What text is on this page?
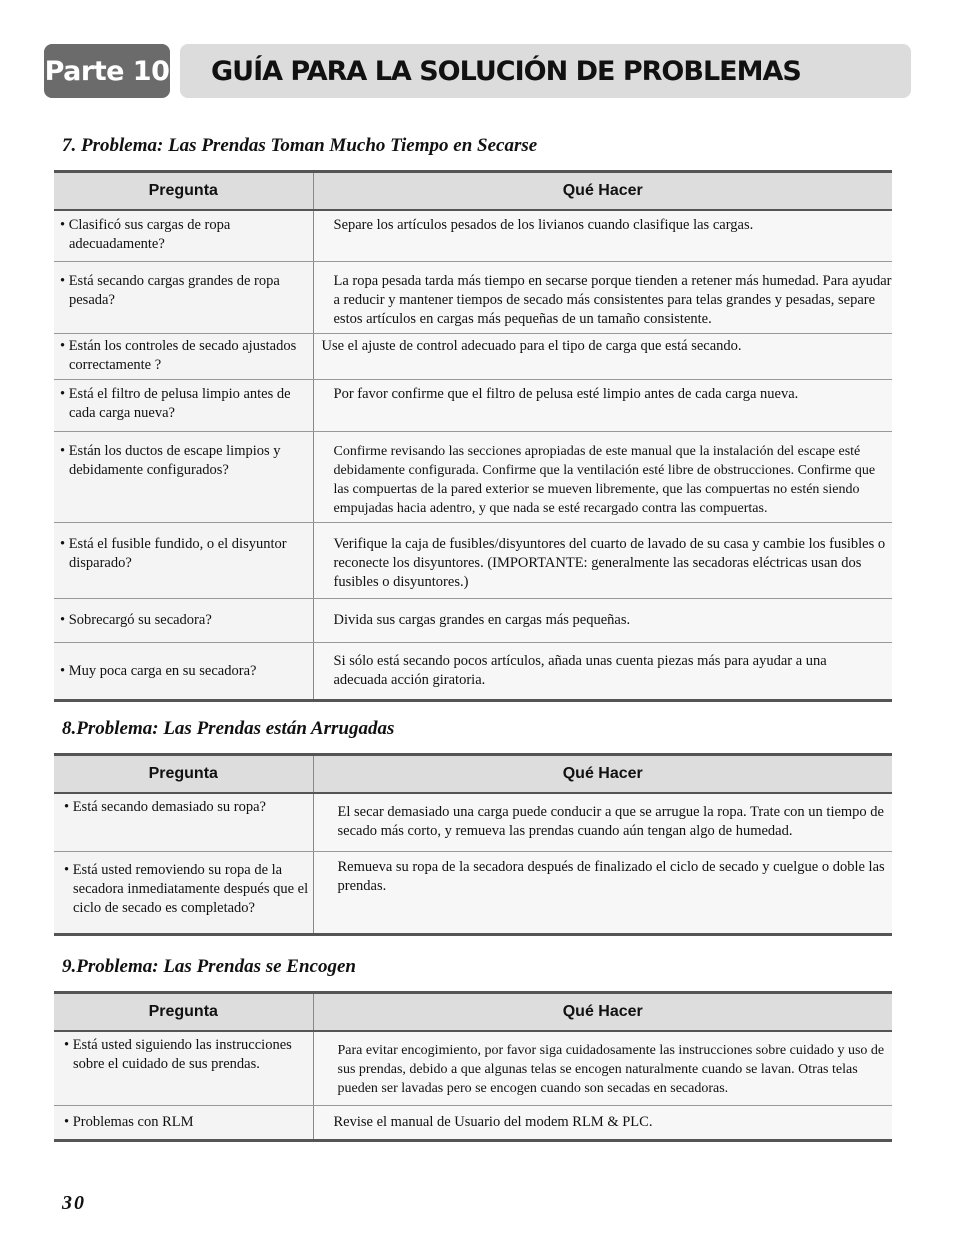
Parte 10 GUÍA PARA LA SOLUCIÓN DE PROBLEMAS
7. Problema: Las Prendas Toman Mucho Tiempo en Secarse
Pregunta	Qué Hacer

• Clasificó sus cargas de ropa adecuadamente?	Separe los artículos pesados de los livianos cuando clasifique las cargas.

• Está secando cargas grandes de ropa pesada?	La ropa pesada tarda más tiempo en secarse porque tienden a retener más humedad. Para ayudar a reducir y mantener tiempos de secado más consistentes para telas grandes y pesadas, separe estos artículos en cargas más pequeñas de un tamaño consistente.

• Están los controles de secado ajustados correctamente ?	Use el ajuste de control adecuado para el tipo de carga que está secando.

• Está el filtro de pelusa limpio antes de cada carga nueva?	Por favor confirme que el filtro de pelusa esté limpio antes de cada carga nueva.

• Están los ductos de escape limpios y debidamente configurados?	Confirme revisando las secciones apropiadas de este manual que la instalación del escape esté debidamente configurada. Confirme que la ventilación esté libre de obstrucciones. Confirme que las compuertas de la pared exterior se mueven libremente, que las compuertas no estén siendo empujadas hacia adentro, y que nada se esté recargado contra las compuertas.

• Está el fusible fundido, o el disyuntor disparado?	Verifique la caja de fusibles/disyuntores del cuarto de lavado de su casa y cambie los fusibles o reconecte los disyuntores. (IMPORTANTE: generalmente las secadoras eléctricas usan dos fusibles o disyuntores.)

• Sobrecargó su secadora?	Divida sus cargas grandes en cargas más pequeñas.

• Muy poca carga en su secadora?	Si sólo está secando pocos artículos, añada unas cuenta piezas más para ayudar a una adecuada acción giratoria.
8.Problema: Las Prendas están Arrugadas
Pregunta	Qué Hacer

• Está secando demasiado su ropa?	El secar demasiado una carga puede conducir a que se arrugue la ropa. Trate con un tiempo de secado más corto, y remueva las prendas cuando aún tengan algo de humedad.

• Está usted removiendo su ropa de la secadora inmediatamente después que el ciclo de secado es completado?	Remueva su ropa de la secadora después de finalizado el ciclo de secado y cuelgue o doble las prendas.
9.Problema: Las Prendas se Encogen
Pregunta	Qué Hacer

• Está usted siguiendo las instrucciones sobre el cuidado de sus prendas.	Para evitar encogimiento, por favor siga cuidadosamente las instrucciones sobre cuidado y uso de sus prendas, debido a que algunas telas se encogen naturalmente cuando se lavan. Otras telas pueden ser lavadas pero se encogen cuando son secadas en secadoras.

• Problemas con RLM	Revise el manual de Usuario del modem RLM & PLC.
30
